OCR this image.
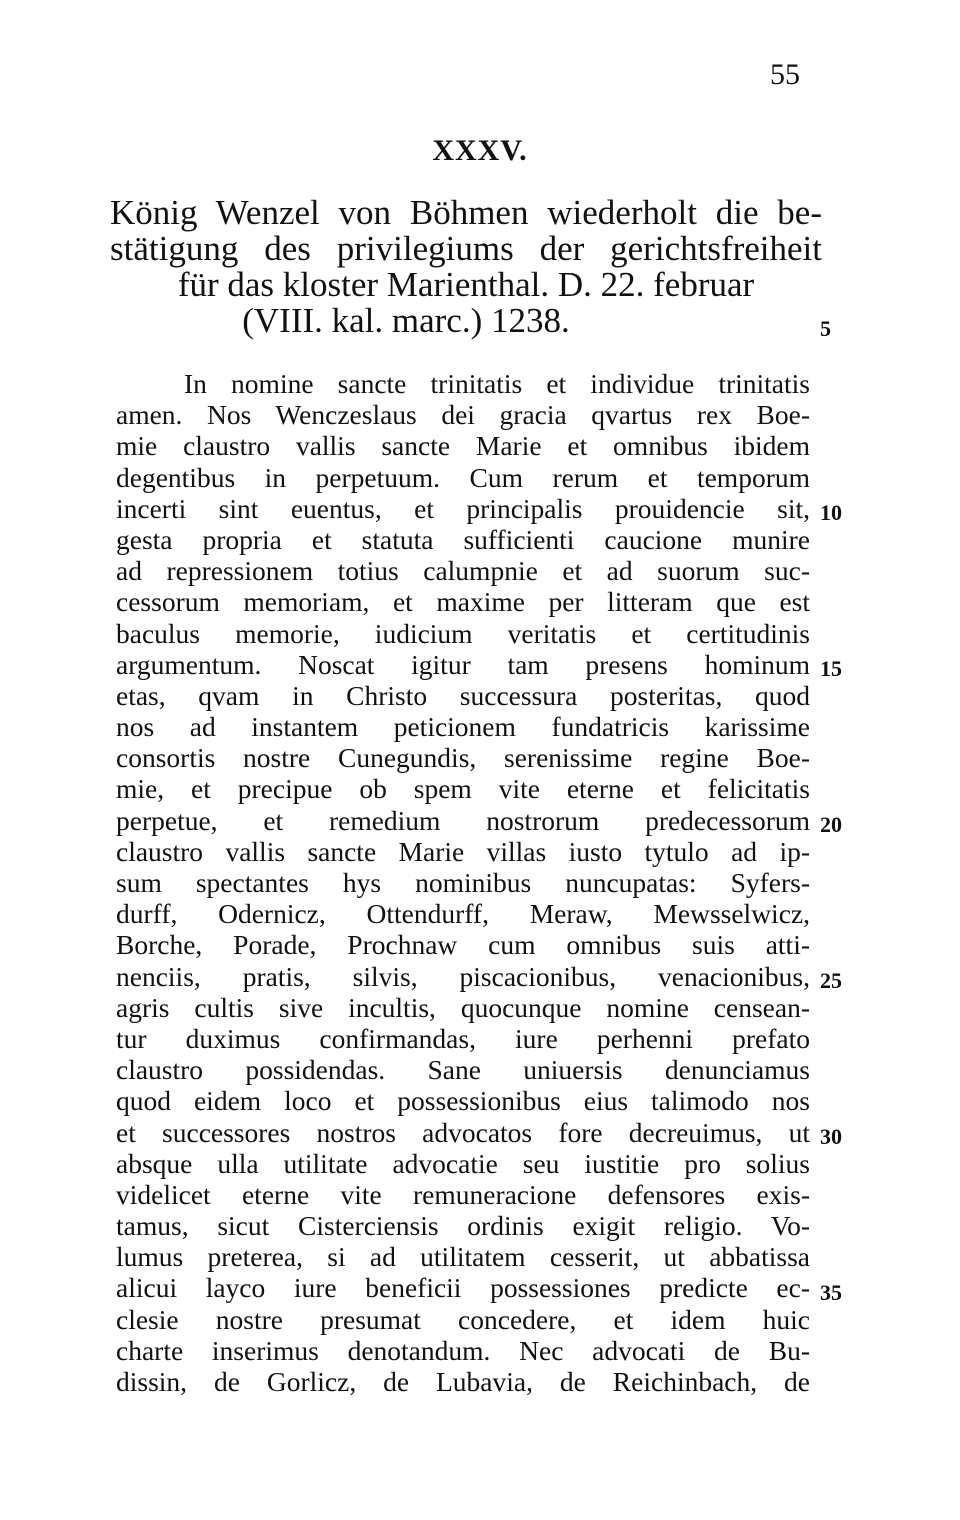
55
XXXV.
König Wenzel von Böhmen wiederholt die be-
stätigung des privilegiums der gerichtsfreiheit
für das kloster Marienthal. D. 22. februar
(VIII. kal. marc.) 1238.	5
In nomine sancte trinitatis et individue trinitatis
amen. Nos Wenczeslaus dei gracia qvartus rex Boe-
mie claustro vallis sancte Marie et omnibus ibidem
degentibus in perpetuum. Cum rerum et temporum
incerti sint euentus, et principalis prouidencie sit,
gesta propria et statuta sufficienti caucione munire
ad repressionem totius calumpnie et ad suorum suc-
cessorum memoriam, et maxime per litteram que est
baculus memorie, iudicium veritatis et certitudinis
argumentum. Noscat igitur tam presens hominum
etas, qvam in Christo successura posteritas, quod
nos ad instantem peticionem fundatricis karissime
consortis nostre Cunegundis, serenissime regine Boe-
mie, et precipue ob spem vite eterne et felicitatis
perpetue, et remedium nostrorum predecessorum
claustro vallis sancte Marie villas iusto tytulo ad ip-
sum spectantes hys nominibus nuncupatas: Syfers-
durff, Odernicz, Ottendurff, Meraw, Mewsselwicz,
Borche, Porade, Prochnaw cum omnibus suis atti-
nenciis, pratis, silvis, piscacionibus, venacionibus,
agris cultis sive incultis, quocunque nomine censean-
tur duximus confirmandas, iure perhenni prefato
claustro possidendas. Sane uniuersis denunciamus
quod eidem loco et possessionibus eius talimodo nos
et successores nostros advocatos fore decreuimus, ut
absque ulla utilitate advocatie seu iustitie pro solius
videlicet eterne vite remuneracione defensores exis-
tamus, sicut Cisterciensis ordinis exigit religio. Vo-
lumus preterea, si ad utilitatem cesserit, ut abbatissa
alicui layco iure beneficii possessiones predicte ec-
clesie nostre presumat concedere, et idem huic
charte inserimus denotandum. Nec advocati de Bu-
dissin, de Gorlicz, de Lubavia, de Reichinbach, de
10
15
20
25
30
35
